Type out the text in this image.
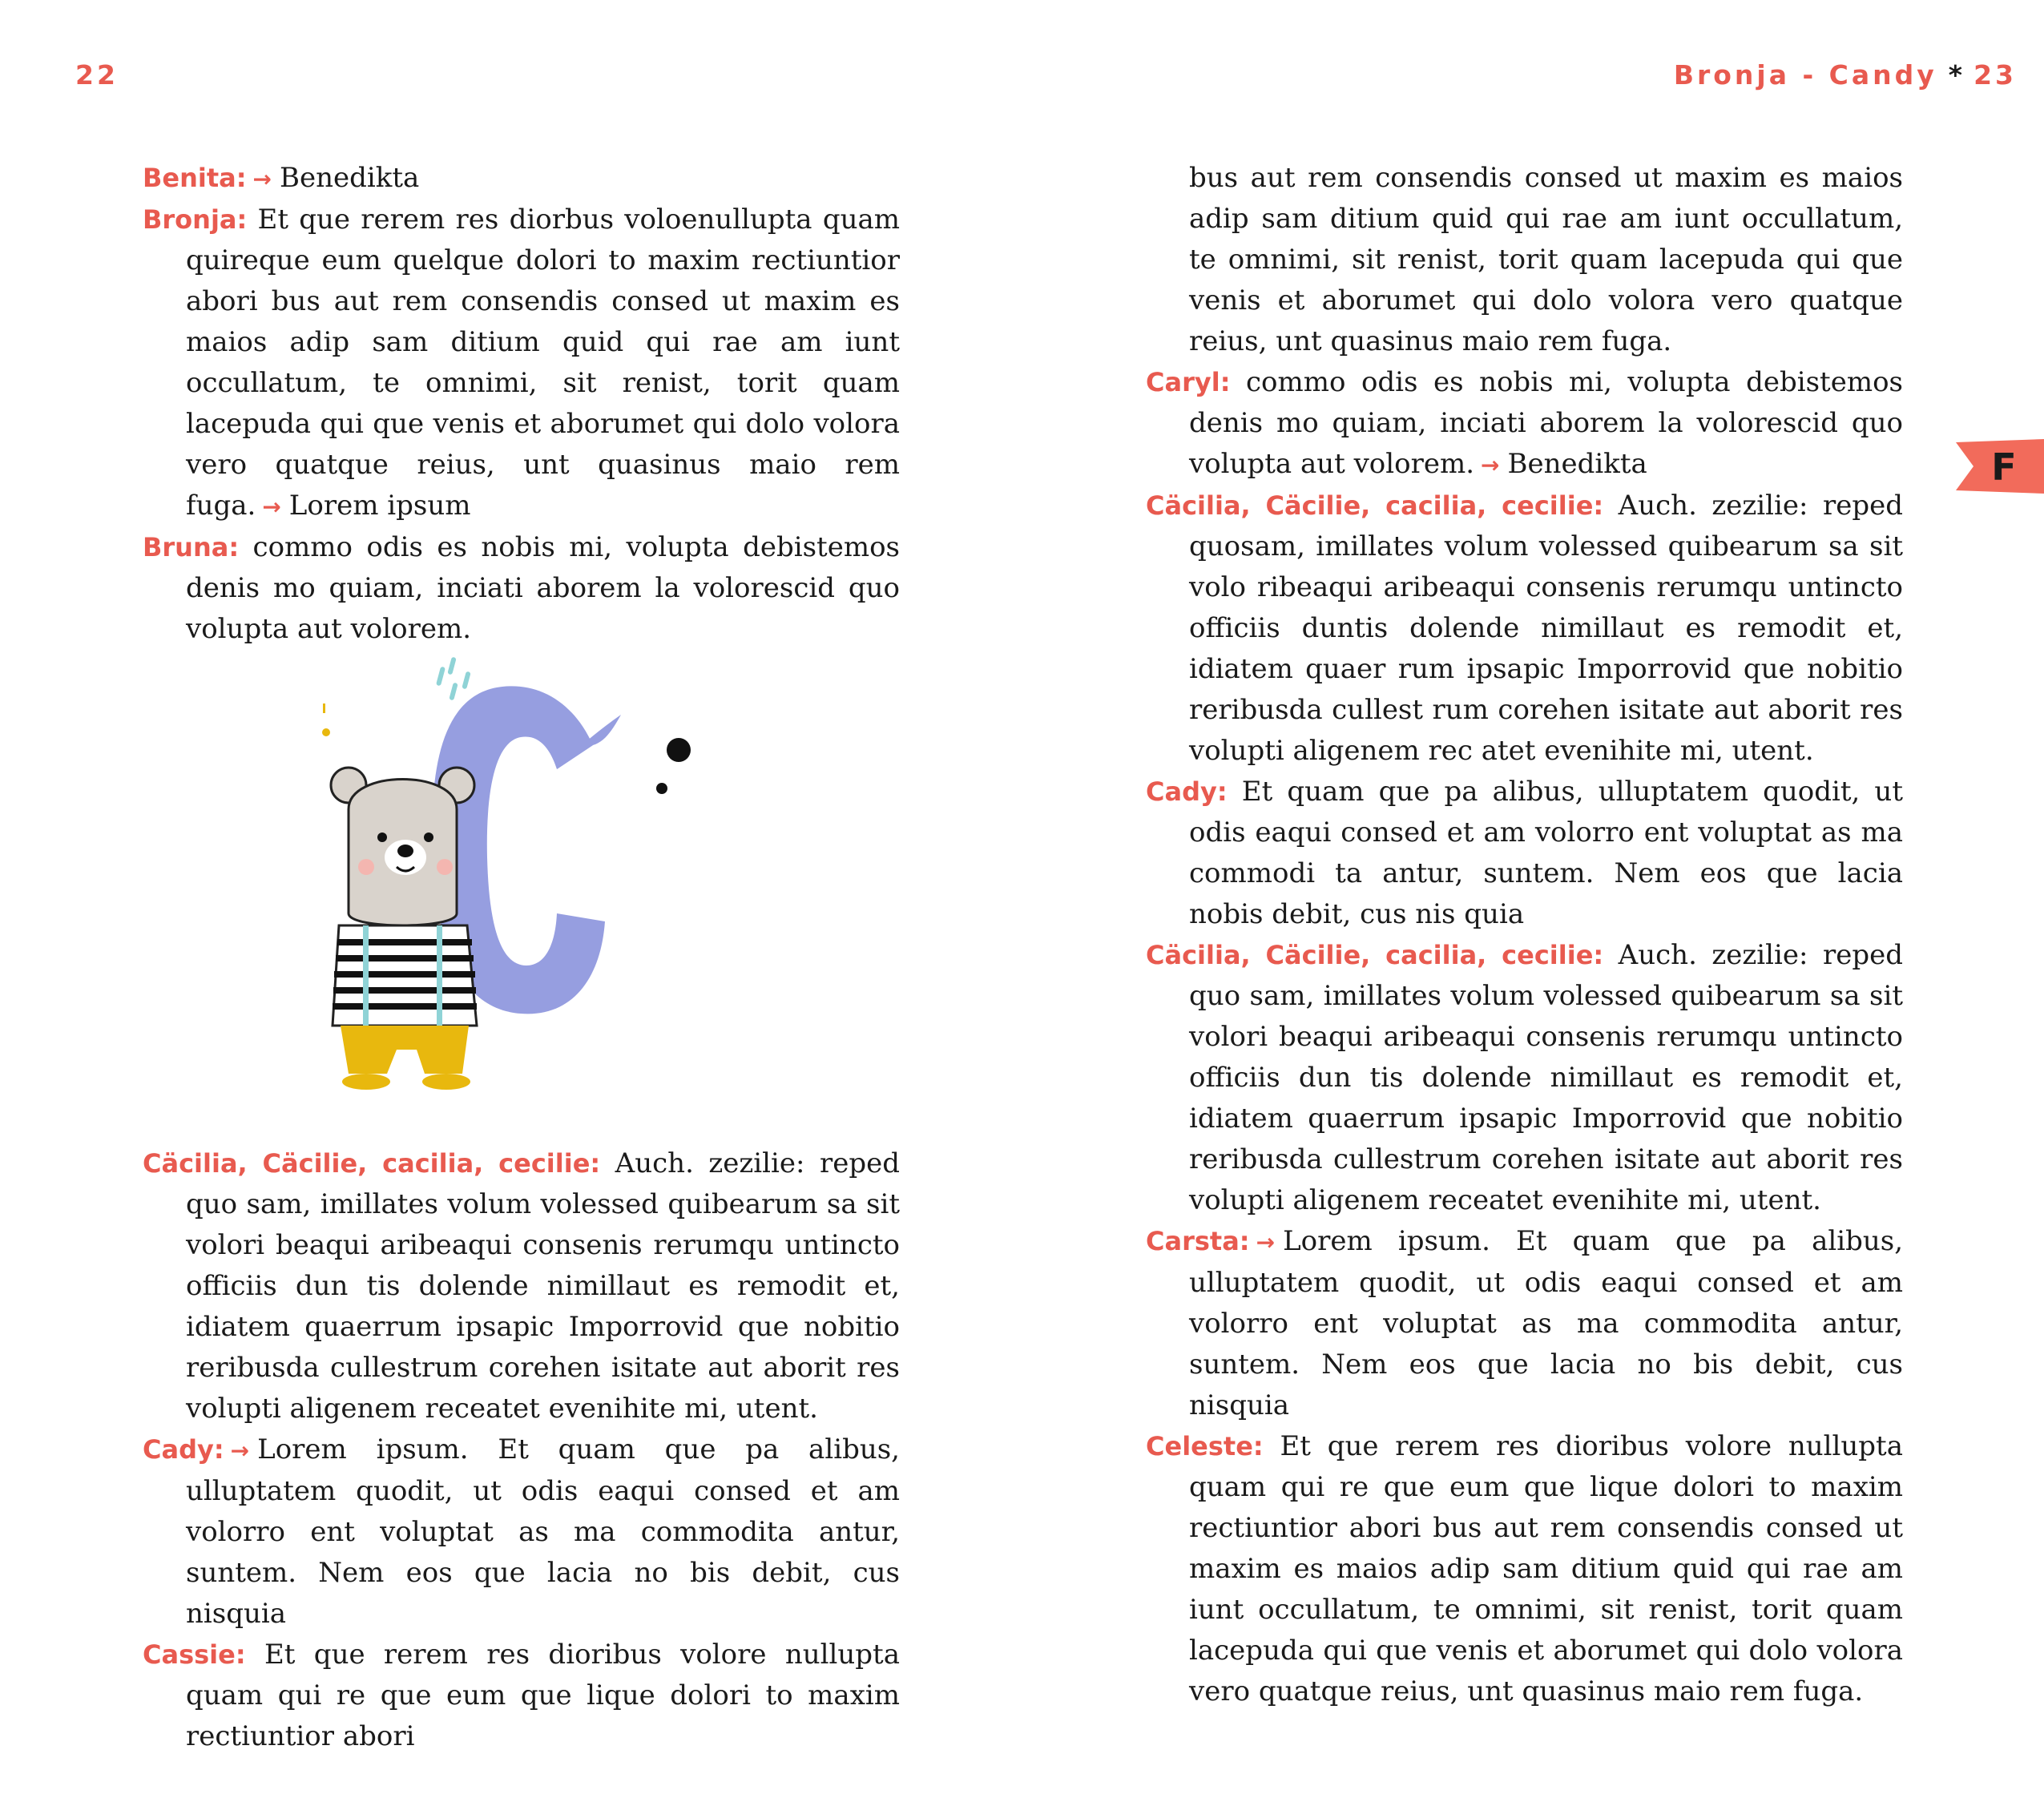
22	Bronja - Candy * 23
F
Benita: → Benedikta
Bronja: Et que rerem res diorbus voloenullupta quam quireque eum quelque dolori to maxim rectiuntior abori bus aut rem consendis consed ut maxim es maios adip sam ditium quid qui rae am iunt occullatum, te omnimi, sit renist, torit quam lacepuda qui que venis et aborumet qui dolo volora vero quatque reius, unt quasinus maio rem fuga. → Lorem ipsum
Bruna: commo odis es nobis mi, volupta debistemos denis mo quiam, inciati aborem la volorescid quo volupta aut volorem.
Cäcilia, Cäcilie, cacilia, cecilie: Auch. zezilie: reped quo sam, imillates volum volessed quibearum sa sit volori beaqui aribeaqui consenis rerumqu untincto officiis dun tis dolende nimillaut es remodit et, idiatem quaerrum ipsapic Imporrovid que nobitio reribusda cullestrum corehen isitate aut aborit res volupti aligenem receatet evenihite mi, utent.
Cady: → Lorem ipsum. Et quam que pa alibus, ulluptatem quodit, ut odis eaqui consed et am volorro ent voluptat as ma commodita antur, suntem. Nem eos que lacia no bis debit, cus nisquia
Cassie: Et que rerem res dioribus volore nullupta quam qui re que eum que lique dolori to maxim rectiuntior abori
bus aut rem consendis consed ut maxim es maios adip sam ditium quid qui rae am iunt occullatum, te omnimi, sit renist, torit quam lacepuda qui que venis et aborumet qui dolo volora vero quatque reius, unt quasinus maio rem fuga.
Caryl: commo odis es nobis mi, volupta debistemos denis mo quiam, inciati aborem la volorescid quo volupta aut volorem. → Benedikta
Cäcilia, Cäcilie, cacilia, cecilie: Auch. zezilie: reped quosam, imillates volum volessed quibearum sa sit volo ribeaqui aribeaqui consenis rerumqu untincto officiis duntis dolende nimillaut es remodit et, idiatem quaer rum ipsapic Imporrovid que nobitio reribusda cullest rum corehen isitate aut aborit res volupti aligenem rec atet evenihite mi, utent.
Cady: Et quam que pa alibus, ulluptatem quodit, ut odis eaqui consed et am volorro ent voluptat as ma commodi ta antur, suntem. Nem eos que lacia nobis debit, cus nis quia
Cäcilia, Cäcilie, cacilia, cecilie: Auch. zezilie: reped quo sam, imillates volum volessed quibearum sa sit volori beaqui aribeaqui consenis rerumqu untincto officiis dun tis dolende nimillaut es remodit et, idiatem quaerrum ipsapic Imporrovid que nobitio reribusda cullestrum corehen isitate aut aborit res volupti aligenem receatet evenihite mi, utent.
Carsta: → Lorem ipsum. Et quam que pa alibus, ulluptatem quodit, ut odis eaqui consed et am volorro ent voluptat as ma commodita antur, suntem. Nem eos que lacia no bis debit, cus nisquia
Celeste: Et que rerem res dioribus volore nullupta quam qui re que eum que lique dolori to maxim rectiuntior abori bus aut rem consendis consed ut maxim es maios adip sam ditium quid qui rae am iunt occullatum, te omnimi, sit renist, torit quam lacepuda qui que venis et aborumet qui dolo volora vero quatque reius, unt quasinus maio rem fuga.
